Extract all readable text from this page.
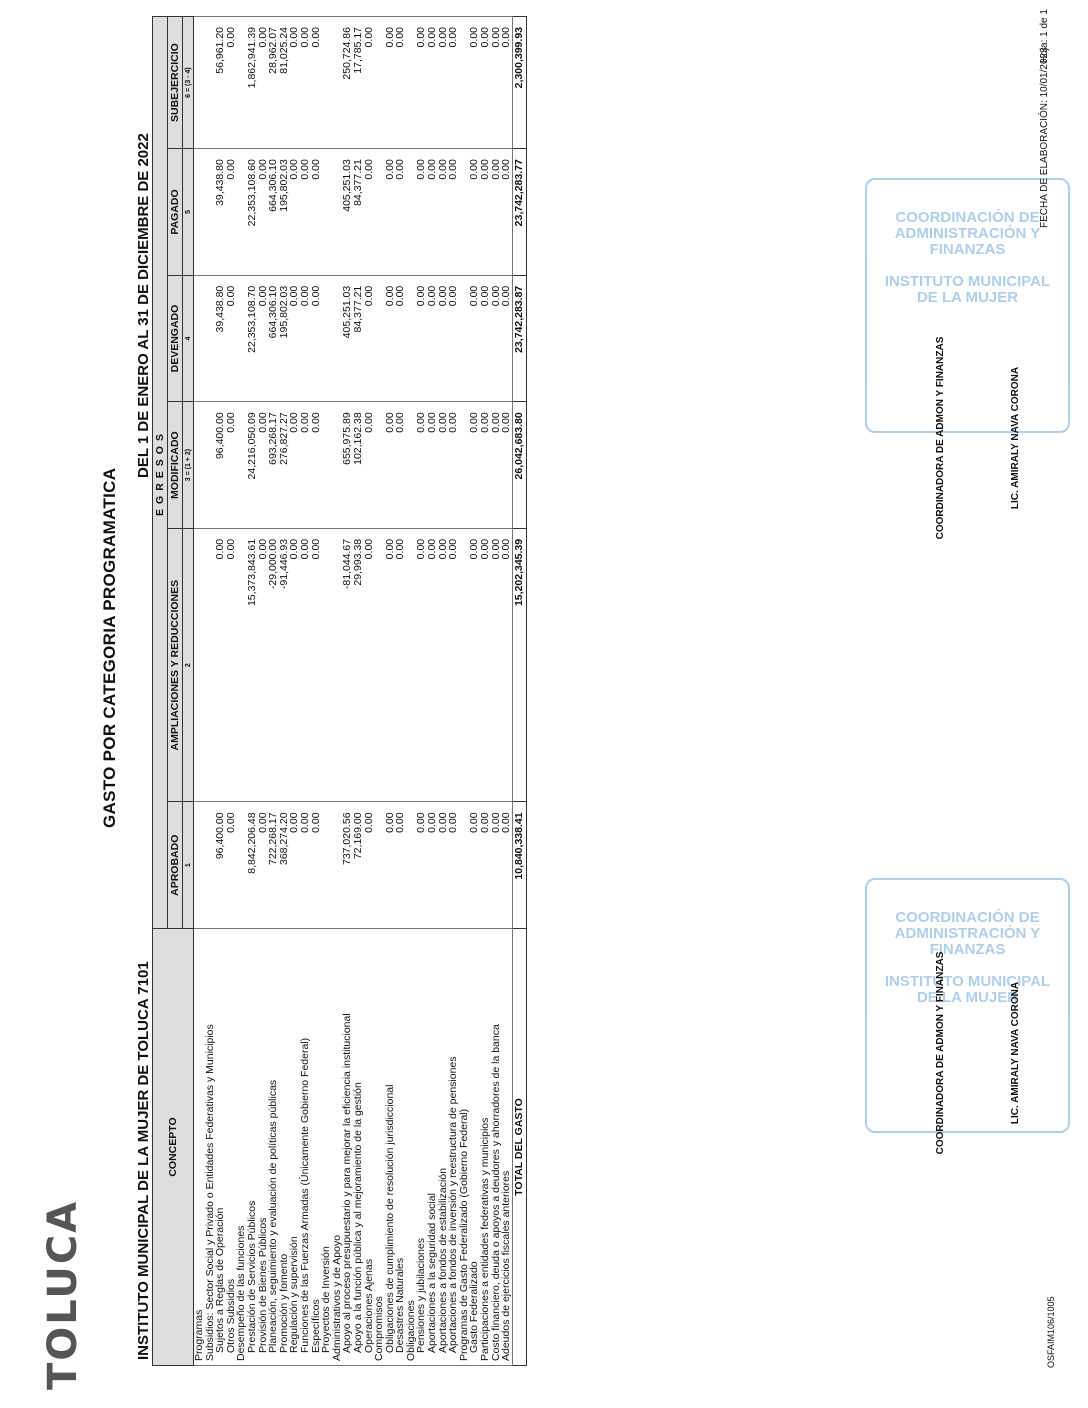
TOLUCA
GASTO POR CATEGORIA PROGRAMATICA
INSTITUTO MUNICIPAL DE LA MUJER DE TOLUCA 7101
DEL 1 DE ENERO AL 31 DE DICIEMBRE DE 2022
CONCEPTO	EGRESOS					
	APROBADO	AMPLIACIONES Y REDUCCIONES	MODIFICADO	DEVENGADO	PAGADO	SUBEJERCICIO
	1	2	3 = (1 + 2)	4	5	6 = (3 - 4)
Programas						
Subsidios: Sector Social y Privado o Entidades Federativas y Municipios						
Sujetos a Reglas de Operación	96,400.00	0.00	96,400.00	39,438.80	39,438.80	56,961.20
Otros Subsidios	0.00	0.00	0.00	0.00	0.00	0.00
Desempeño de las funciones						
Prestación de Servicios Públicos	8,842,206.48	15,373,843.61	24,216,050.09	22,353,108.70	22,353,108.60	1,862,941.39
Provisión de Bienes Públicos	0.00	0.00	0.00	0.00	0.00	0.00
Planeación, seguimiento y evaluación de políticas públicas	722,268.17	-29,000.00	693,268.17	664,306.10	664,306.10	28,962.07
Promoción y fomento	368,274.20	-91,446.93	276,827.27	195,802.03	195,802.03	81,025.24
Regulación y supervisión	0.00	0.00	0.00	0.00	0.00	0.00
Funciones de las Fuerzas Armadas (Únicamente Gobierno Federal)	0.00	0.00	0.00	0.00	0.00	0.00
Específicos	0.00	0.00	0.00	0.00	0.00	0.00
Proyectos de Inversión						
Administrativos y de Apoyo						
Apoyo al proceso presupuestario y para mejorar la eficiencia institucional	737,020.56	-81,044.67	655,975.89	405,251.03	405,251.03	250,724.86
Apoyo a la función pública y al mejoramiento de la gestión	72,169.00	29,993.38	102,162.38	84,377.21	84,377.21	17,785.17
Operaciones Ajenas	0.00	0.00	0.00	0.00	0.00	0.00
Compromisos						
Obligaciones de cumplimiento de resolución jurisdiccional	0.00	0.00	0.00	0.00	0.00	0.00
Desastres Naturales	0.00	0.00	0.00	0.00	0.00	0.00
Obligaciones						
Pensiones y jubilaciones	0.00	0.00	0.00	0.00	0.00	0.00
Aportaciones a la seguridad social	0.00	0.00	0.00	0.00	0.00	0.00
Aportaciones a fondos de estabilización	0.00	0.00	0.00	0.00	0.00	0.00
Aportaciones a fondos de inversión y reestructura de pensiones	0.00	0.00	0.00	0.00	0.00	0.00
Programas de Gasto Federalizado (Gobierno Federal)						
Gasto Federalizado	0.00	0.00	0.00	0.00	0.00	0.00
Participaciones a entidades federativas y municipios	0.00	0.00	0.00	0.00	0.00	0.00
Costo financiero, deuda o apoyos a deudores y ahorradores de la banca	0.00	0.00	0.00	0.00	0.00	0.00
Adeudos de ejercicios fiscales anteriores	0.00	0.00	0.00	0.00	0.00	0.00
TOTAL DEL GASTO	10,840,338.41	15,202,345.39	26,042,683.80	23,742,283.87	23,742,283.77	2,300,399.93
COORDINACIÓN DE ADMINISTRACIÓN Y FINANZAS

INSTITUTO MUNICIPAL DE LA MUJER
COORDINACIÓN DE ADMINISTRACIÓN Y FINANZAS

INSTITUTO MUNICIPAL DE LA MUJER
COORDINADORA DE ADMON Y FINANZAS	LIC. AMIRALY NAVA CORONA
COORDINADORA DE ADMON Y FINANZAS	LIC. AMIRALY NAVA CORONA
FECHA DE ELABORACIÓN: 10/01/2023
Hoja: 1 de 1
OSFAIM106/1005
